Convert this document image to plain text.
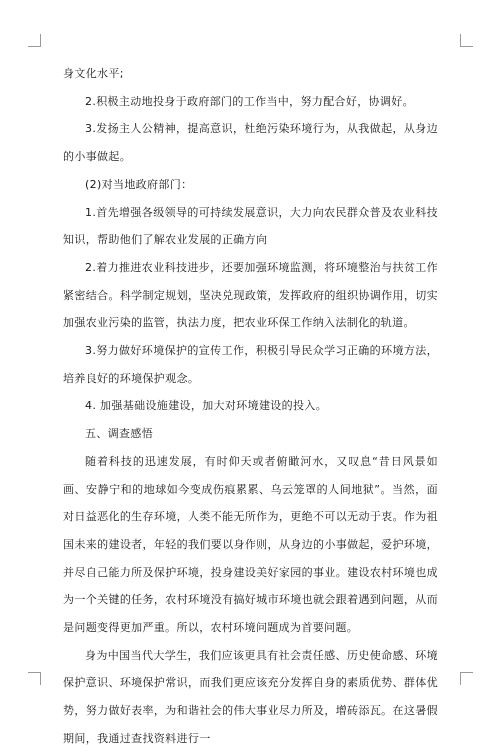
身文化水平;

2.积极主动地投身于政府部门的工作当中，努力配合好，协调好。

3.发扬主人公精神，提高意识，杜绝污染环境行为，从我做起，从身边的小事做起。

(2)对当地政府部门：

1.首先增强各级领导的可持续发展意识，大力向农民群众普及农业科技知识，帮助他们了解农业发展的正确方向

2.着力推进农业科技进步，还要加强环境监测，将环境整治与扶贫工作紧密结合。科学制定规划，坚决兑现政策，发挥政府的组织协调作用，切实加强农业污染的监管，执法力度，把农业环保工作纳入法制化的轨道。

3.努力做好环境保护的宣传工作，积极引导民众学习正确的环境方法，培养良好的环境保护观念。

4. 加强基础设施建设，加大对环境建设的投入。

五、调查感悟

随着科技的迅速发展，有时仰天或者俯瞰河水，又叹息“昔日风景如画、安静宁和的地球如今变成伤痕累累、乌云笼罩的人间地狱”。当然，面对日益恶化的生存环境，人类不能无所作为，更绝不可以无动于衷。作为祖国未来的建设者，年轻的我们要以身作则，从身边的小事做起，爱护环境，并尽自己能力所及保护环境，投身建设美好家园的事业。建设农村环境也成为一个关键的任务，农村环境没有搞好城市环境也就会跟着遇到问题，从而是问题变得更加严重。所以，农村环境问题成为首要问题。

身为中国当代大学生，我们应该更具有社会责任感、历史使命感、环境保护意识、环境保护常识，而我们更应该充分发挥自身的素质优势、群体优势，努力做好表率，为和谐社会的伟大事业尽力所及，增砖添瓦。在这暑假期间，我通过查找资料进行一
